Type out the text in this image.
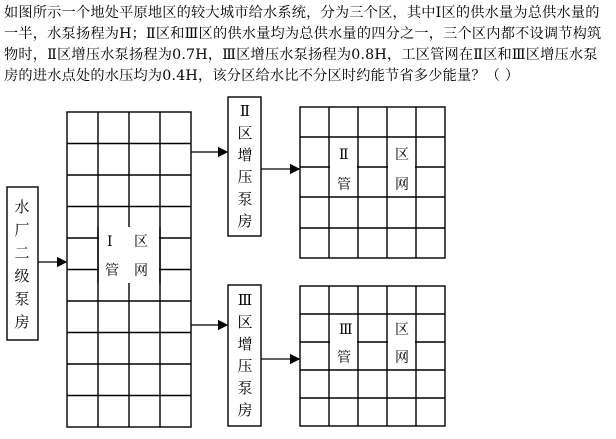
如图所示一个地处平原地区的较大城市给水系统，分为三个区，其中Ⅰ区的供水量为总供水量的一半，水泵扬程为H；Ⅱ区和Ⅲ区的供水量均为总供水量的四分之一，三个区内都不设调节构筑物时，Ⅱ区增压水泵扬程为0.7H，Ⅲ区增压水泵扬程为0.8H，工区管网在Ⅱ区和Ⅲ区增压水泵房的进水点处的水压均为0.4H，该分区给水比不分区时约能节省多少能量？（ ）
水
厂
二
级
泵
房
Ⅰ 区
管 网
Ⅱ
区
增
压
泵
房
Ⅲ
区
增
压
泵
房
Ⅱ	区
管	网
Ⅲ	区
管	网
